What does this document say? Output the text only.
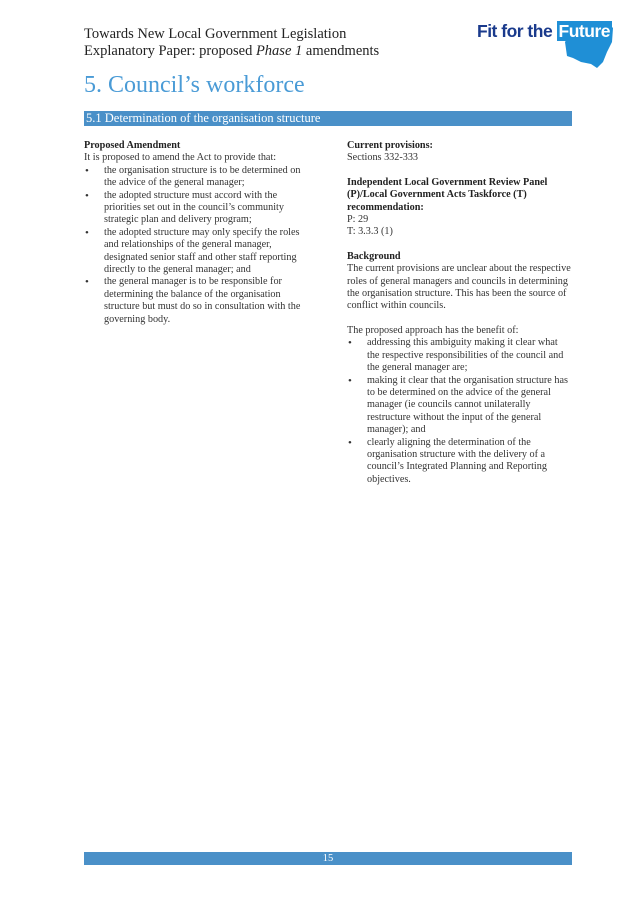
Towards New Local Government Legislation
Explanatory Paper: proposed Phase 1 amendments
Fit for the Future
5. Council’s workforce
5.1 Determination of the organisation structure
Proposed Amendment
It is proposed to amend the Act to provide that:
• the organisation structure is to be determined on the advice of the general manager;
• the adopted structure must accord with the priorities set out in the council’s community strategic plan and delivery program;
• the adopted structure may only specify the roles and relationships of the general manager, designated senior staff and other staff reporting directly to the general manager; and
• the general manager is to be responsible for determining the balance of the organisation structure but must do so in consultation with the governing body.
Current provisions:
Sections 332-333
Independent Local Government Review Panel (P)/Local Government Acts Taskforce (T) recommendation:
P: 29
T: 3.3.3 (1)
Background
The current provisions are unclear about the respective roles of general managers and councils in determining the organisation structure. This has been the source of conflict within councils.
The proposed approach has the benefit of:
• addressing this ambiguity making it clear what the respective responsibilities of the council and the general manager are;
• making it clear that the organisation structure has to be determined on the advice of the general manager (ie councils cannot unilaterally restructure without the input of the general manager); and
• clearly aligning the determination of the organisation structure with the delivery of a council’s Integrated Planning and Reporting objectives.
15
